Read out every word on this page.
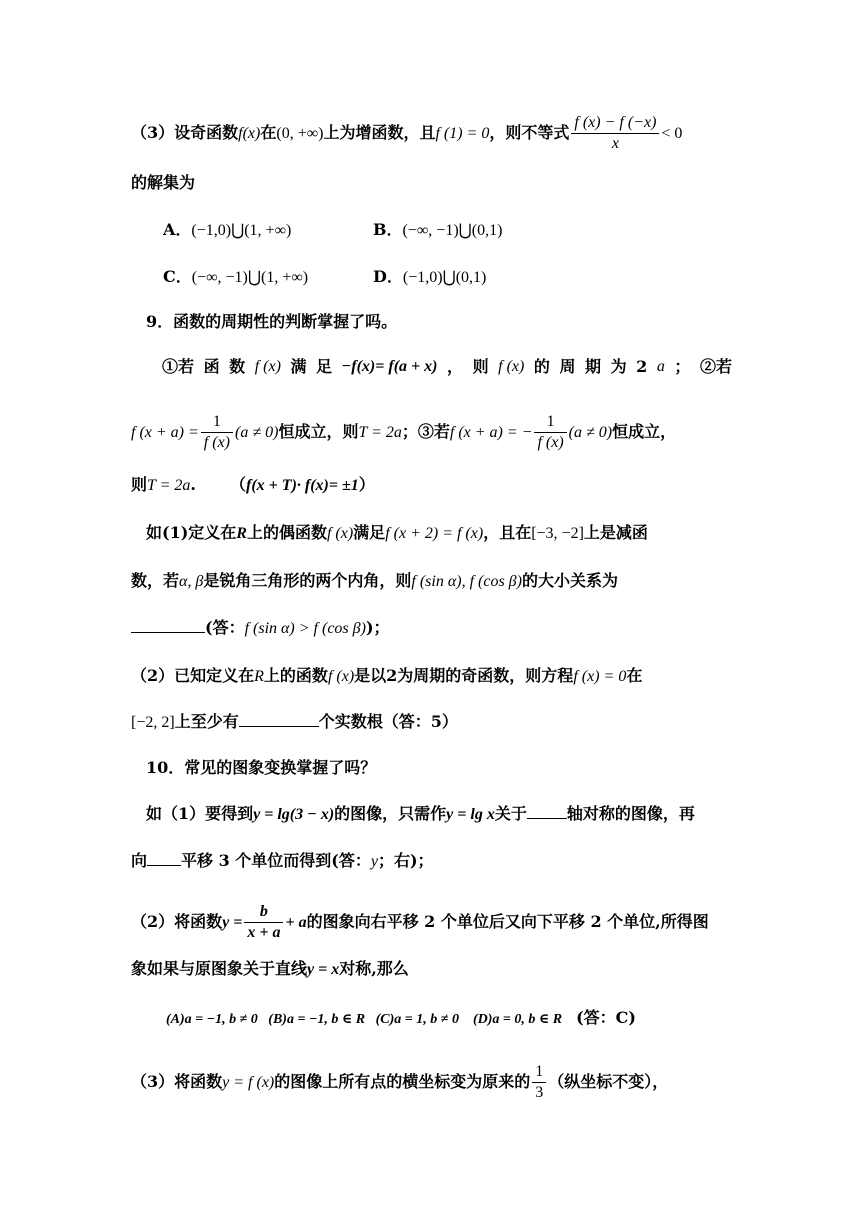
（3）设奇函数f(x)在(0, +∞)上为增函数，且f (1) = 0，则不等式 $\frac{f (x) - f (-x)}{x} < 0$
的解集为
A．(−1,0)⋃(1, +∞)	B．(−∞, −1)⋃(0,1)
C．(−∞, −1)⋃(1, +∞)	D．(−1,0)⋃(0,1)
9．函数的周期性的判断掌握了吗。
①若 函 数 f (x) 满 足 −f(x)= f(a + x) ， 则 f (x) 的 周 期 为 2 a ； ②若
f $(x + a) = \frac{1}{f (x)} (a \ne 0)$恒成立，则T = 2a；③若f (x + a) = − $\frac{1}{f (x)} (a \ne 0)$恒成立，
则T = 2a. （f(x + T)· f(x)= ±1）
如(1)定义在R上的偶函数f (x)满足f (x + 2) = f (x)，且在[−3, −2]上是减函
数，若α, β是锐角三角形的两个内角，则f (sin α), f (cos β)的大小关系为
(答：f (sin α) > f (cos β))；
（2）已知定义在R上的函数f (x)是以2为周期的奇函数，则方程f (x) = 0在
[−2, 2]上至少有	个实数根（答：5）
10．常见的图象变换掌握了吗？
如（1）要得到y = lg(3 − x)的图像，只需作y = lg x关于	轴对称的图像，再
向 平移 3 个单位而得到(答：y；右)；
（2）将函数$y = \frac{b}{x + a} + a$的图象向右平移 2 个单位后又向下平移 2 个单位,所得图
象如果与原图象关于直线y = x对称,那么
(A)a = −1, b ≠ 0   (B)a = −1, b ∈ R   (C)a = 1, b ≠ 0    (D)a = 0, b ∈ R (答：C)
（3）将函数y = f (x)的图像上所有点的横坐标变为原来的 $\frac{1}{3}$ （纵坐标不变），
